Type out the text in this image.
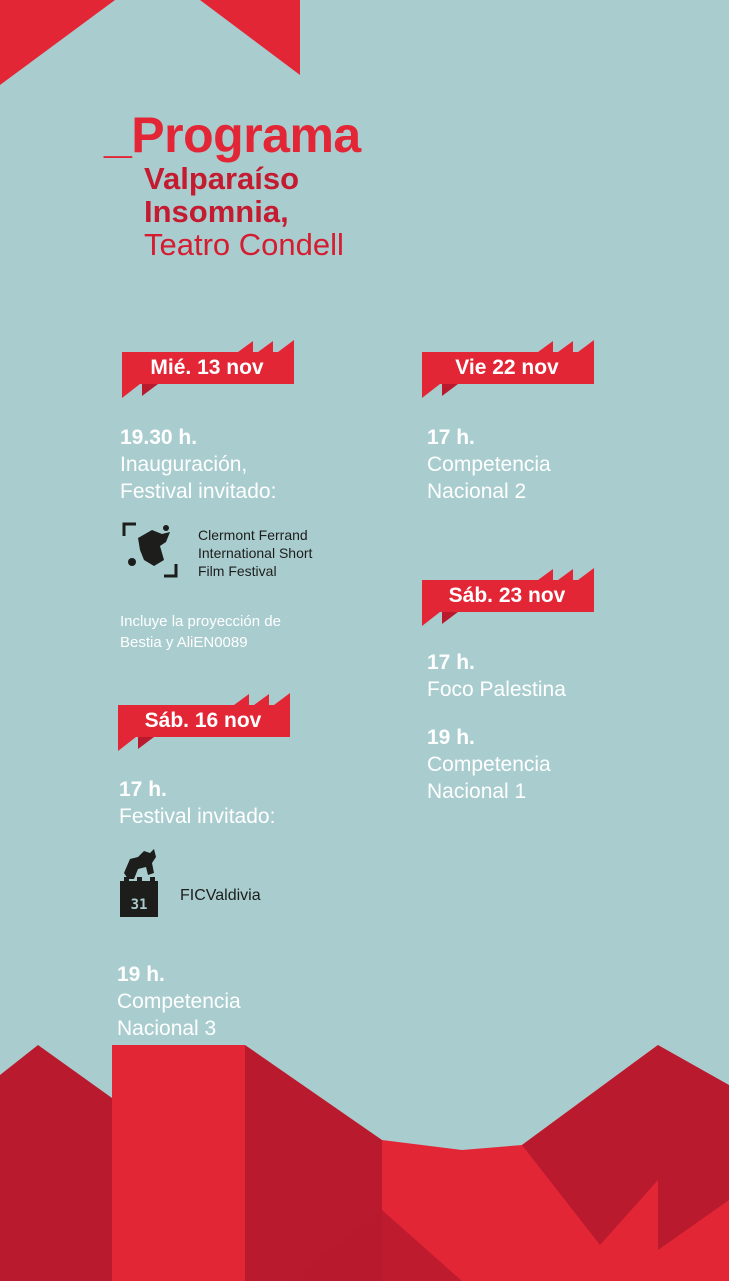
_Programa
Valparaíso
Insomnia,
Teatro Condell
Mié. 13 nov
19.30 h.
Inauguración,
Festival invitado:
Clermont Ferrand
International Short
Film Festival
Incluye la proyección de
Bestia y AliEN0089
Sáb. 16 nov
17 h.
Festival invitado:
31
FICValdivia
19 h.
Competencia
Nacional 3
Vie 22 nov
17 h.
Competencia
Nacional 2
Sáb. 23 nov
17 h.
Foco Palestina
19 h.
Competencia
Nacional 1
